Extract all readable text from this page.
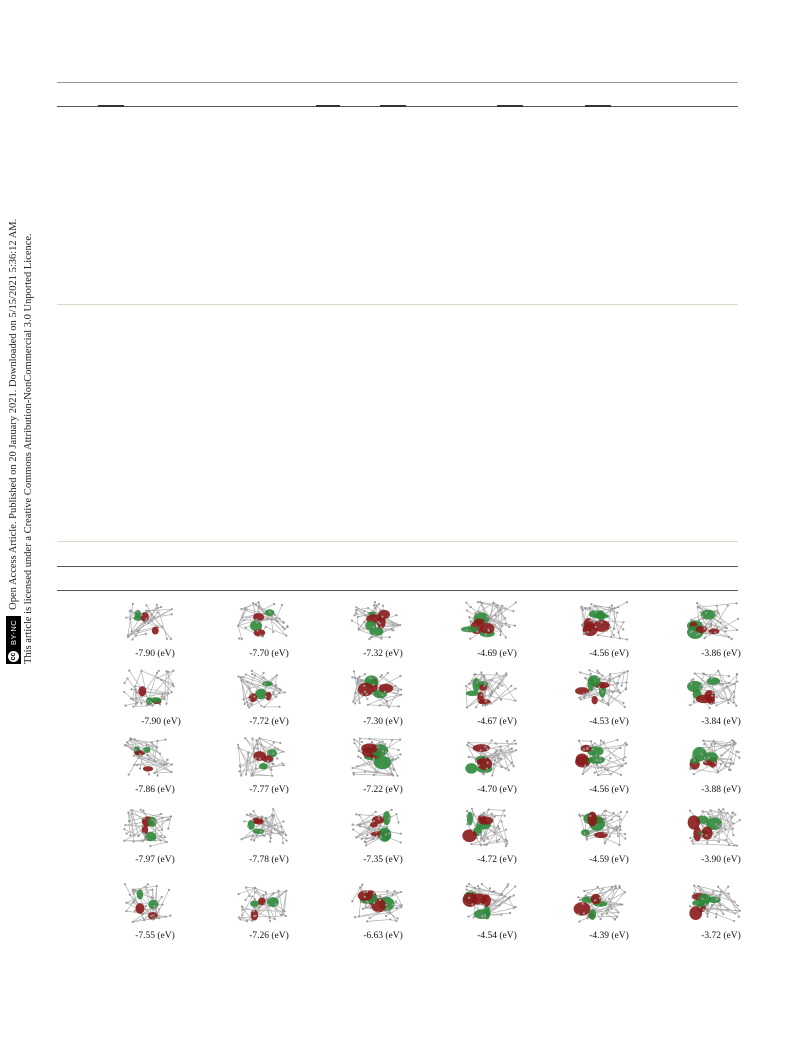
cc
BY-NC
Open Access Article. Published on 20 January 2021. Downloaded on 5/15/2021 5:36:12 AM. This article is licensed under a Creative Commons Attribution-NonCommercial 3.0 Unported Licence.	-7.90 (eV)	-7.70 (eV)	-7.32 (eV)	-4.69 (eV)	-4.56 (eV)	-3.86 (eV)
-7.90 (eV)	-7.72 (eV)	-7.30 (eV)	-4.67 (eV)	-4.53 (eV)	-3.84 (eV)
-7.86 (eV)	-7.77 (eV)	-7.22 (eV)	-4.70 (eV)	-4.56 (eV)	-3.88 (eV)
-7.97 (eV)	-7.78 (eV)	-7.35 (eV)	-4.72 (eV)	-4.59 (eV)	-3.90 (eV)
-7.55 (eV)	-7.26 (eV)	-6.63 (eV)	-4.54 (eV)	-4.39 (eV)	-3.72 (eV)
